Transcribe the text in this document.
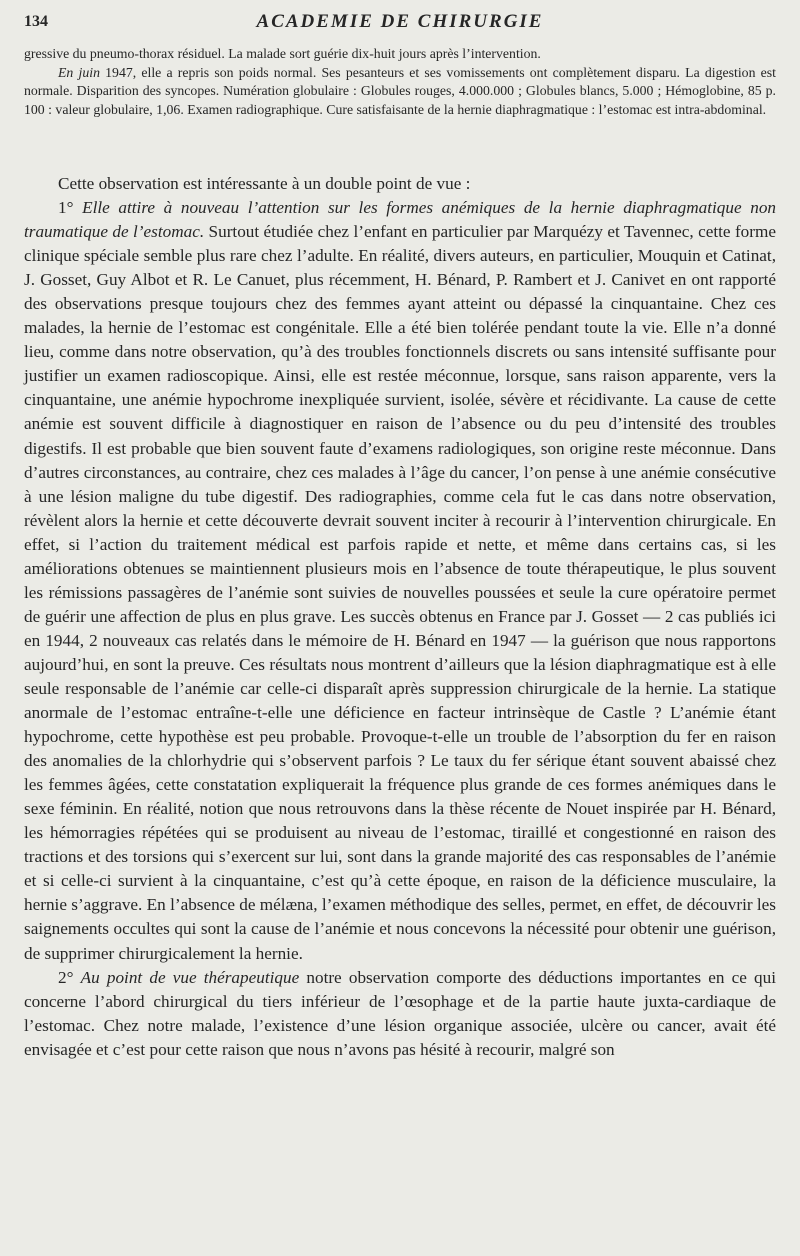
134	ACADEMIE DE CHIRURGIE

gressive du pneumo-thorax résiduel. La malade sort guérie dix-huit jours après l’intervention.

En juin 1947, elle a repris son poids normal. Ses pesanteurs et ses vomissements ont complètement disparu. La digestion est normale. Disparition des syncopes. Numération globulaire : Globules rouges, 4.000.000 ; Globules blancs, 5.000 ; Hémoglobine, 85 p. 100 : valeur globulaire, 1,06. Examen radiographique. Cure satisfaisante de la hernie diaphragmatique : l’estomac est intra-abdominal.

Cette observation est intéressante à un double point de vue :

1° Elle attire à nouveau l’attention sur les formes anémiques de la hernie diaphragmatique non traumatique de l’estomac. Surtout étudiée chez l’enfant en particulier par Marquézy et Tavennec, cette forme clinique spéciale semble plus rare chez l’adulte. En réalité, divers auteurs, en particulier, Mouquin et Catinat, J. Gosset, Guy Albot et R. Le Canuet, plus récemment, H. Bénard, P. Rambert et J. Canivet en ont rapporté des observations presque toujours chez des femmes ayant atteint ou dépassé la cinquantaine. Chez ces malades, la hernie de l’estomac est congénitale. Elle a été bien tolérée pendant toute la vie. Elle n’a donné lieu, comme dans notre observation, qu’à des troubles fonctionnels discrets ou sans intensité suffisante pour justifier un examen radioscopique. Ainsi, elle est restée méconnue, lorsque, sans raison apparente, vers la cinquantaine, une anémie hypochrome inexpliquée survient, isolée, sévère et récidivante. La cause de cette anémie est souvent difficile à diagnostiquer en raison de l’absence ou du peu d’intensité des troubles digestifs. Il est probable que bien souvent faute d’examens radiologiques, son origine reste méconnue. Dans d’autres circonstances, au contraire, chez ces malades à l’âge du cancer, l’on pense à une anémie consécutive à une lésion maligne du tube digestif. Des radiographies, comme cela fut le cas dans notre observation, révèlent alors la hernie et cette découverte devrait souvent inciter à recourir à l’intervention chirurgicale. En effet, si l’action du traitement médical est parfois rapide et nette, et même dans certains cas, si les améliorations obtenues se maintiennent plusieurs mois en l’absence de toute thérapeutique, le plus souvent les rémissions passagères de l’anémie sont suivies de nouvelles poussées et seule la cure opératoire permet de guérir une affection de plus en plus grave. Les succès obtenus en France par J. Gosset — 2 cas publiés ici en 1944, 2 nouveaux cas relatés dans le mémoire de H. Bénard en 1947 — la guérison que nous rapportons aujourd’hui, en sont la preuve. Ces résultats nous montrent d’ailleurs que la lésion diaphragmatique est à elle seule responsable de l’anémie car celle-ci disparaît après suppression chirurgicale de la hernie. La statique anormale de l’estomac entraîne-t-elle une déficience en facteur intrinsèque de Castle ? L’anémie étant hypochrome, cette hypothèse est peu probable. Provoque-t-elle un trouble de l’absorption du fer en raison des anomalies de la chlorhydrie qui s’observent parfois ? Le taux du fer sérique étant souvent abaissé chez les femmes âgées, cette constatation expliquerait la fréquence plus grande de ces formes anémiques dans le sexe féminin. En réalité, notion que nous retrouvons dans la thèse récente de Nouet inspirée par H. Bénard, les hémorragies répétées qui se produisent au niveau de l’estomac, tiraillé et congestionné en raison des tractions et des torsions qui s’exercent sur lui, sont dans la grande majorité des cas responsables de l’anémie et si celle-ci survient à la cinquantaine, c’est qu’à cette époque, en raison de la déficience musculaire, la hernie s’aggrave. En l’absence de mélæna, l’examen méthodique des selles, permet, en effet, de découvrir les saignements occultes qui sont la cause de l’anémie et nous concevons la nécessité pour obtenir une guérison, de supprimer chirurgicalement la hernie.

2° Au point de vue thérapeutique notre observation comporte des déductions importantes en ce qui concerne l’abord chirurgical du tiers inférieur de l’œsophage et de la partie haute juxta-cardiaque de l’estomac. Chez notre malade, l’existence d’une lésion organique associée, ulcère ou cancer, avait été envisagée et c’est pour cette raison que nous n’avons pas hésité à recourir, malgré son
